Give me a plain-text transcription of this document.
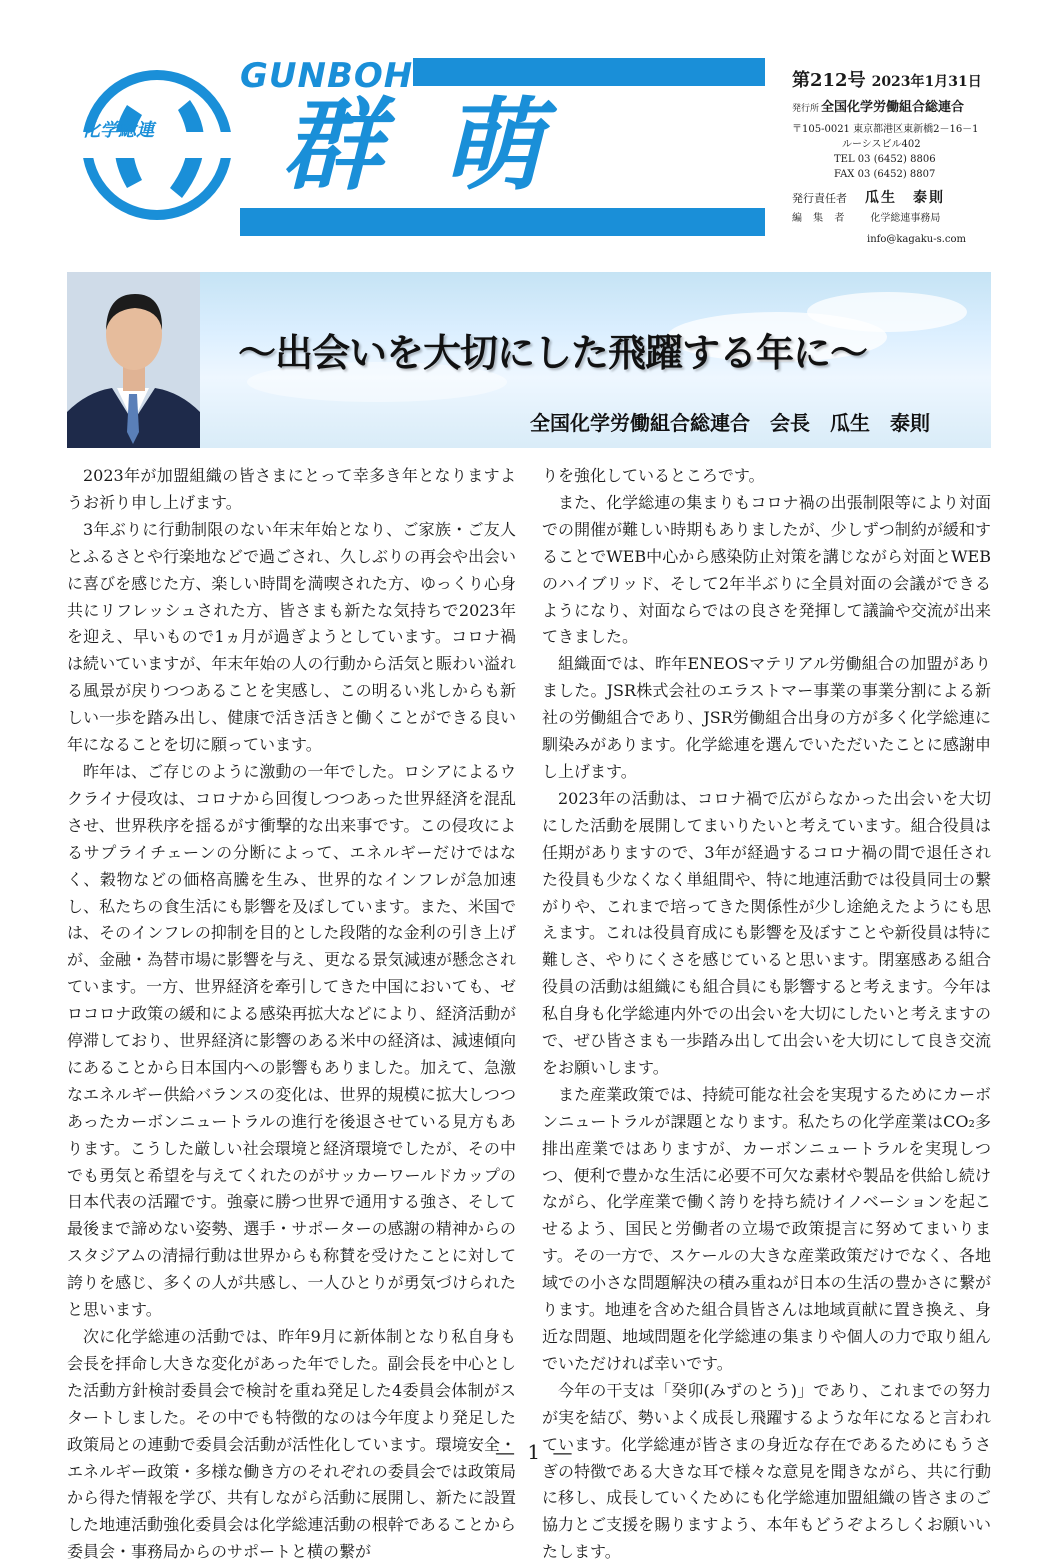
化学総連
GUNBOH
群萌
第212号 2023年1月31日
発行所 全国化学労働組合総連合
〒105-0021 東京都港区東新橋2－16－1
ルーシスビル402
TEL 03 (6452) 8806
FAX 03 (6452) 8807
発行責任者 瓜生　泰則
編 集 者 化学総連事務局
info@kagaku-s.com
～出会いを大切にした飛躍する年に～
全国化学労働組合総連合　会長　瓜生　泰則

2023年が加盟組織の皆さまにとって幸多き年となりますようお祈り申し上げます。

3年ぶりに行動制限のない年末年始となり、ご家族・ご友人とふるさとや行楽地などで過ごされ、久しぶりの再会や出会いに喜びを感じた方、楽しい時間を満喫された方、ゆっくり心身共にリフレッシュされた方、皆さまも新たな気持ちで2023年を迎え、早いもので1ヵ月が過ぎようとしています。コロナ禍は続いていますが、年末年始の人の行動から活気と賑わい溢れる風景が戻りつつあることを実感し、この明るい兆しからも新しい一歩を踏み出し、健康で活き活きと働くことができる良い年になることを切に願っています。

昨年は、ご存じのように激動の一年でした。ロシアによるウクライナ侵攻は、コロナから回復しつつあった世界経済を混乱させ、世界秩序を揺るがす衝撃的な出来事です。この侵攻によるサプライチェーンの分断によって、エネルギーだけではなく、穀物などの価格高騰を生み、世界的なインフレが急加速し、私たちの食生活にも影響を及ぼしています。また、米国では、そのインフレの抑制を目的とした段階的な金利の引き上げが、金融・為替市場に影響を与え、更なる景気減速が懸念されています。一方、世界経済を牽引してきた中国においても、ゼロコロナ政策の緩和による感染再拡大などにより、経済活動が停滞しており、世界経済に影響のある米中の経済は、減速傾向にあることから日本国内への影響もありました。加えて、急激なエネルギー供給バランスの変化は、世界的規模に拡大しつつあったカーボンニュートラルの進行を後退させている見方もあります。こうした厳しい社会環境と経済環境でしたが、その中でも勇気と希望を与えてくれたのがサッカーワールドカップの日本代表の活躍です。強豪に勝つ世界で通用する強さ、そして最後まで諦めない姿勢、選手・サポーターの感謝の精神からのスタジアムの清掃行動は世界からも称賛を受けたことに対して誇りを感じ、多くの人が共感し、一人ひとりが勇気づけられたと思います。

次に化学総連の活動では、昨年9月に新体制となり私自身も会長を拝命し大きな変化があった年でした。副会長を中心とした活動方針検討委員会で検討を重ね発足した4委員会体制がスタートしました。その中でも特徴的なのは今年度より発足した政策局との連動で委員会活動が活性化しています。環境安全・エネルギー政策・多様な働き方のそれぞれの委員会では政策局から得た情報を学び、共有しながら活動に展開し、新たに設置した地連活動強化委員会は化学総連活動の根幹であることから委員会・事務局からのサポートと横の繋が

りを強化しているところです。

また、化学総連の集まりもコロナ禍の出張制限等により対面での開催が難しい時期もありましたが、少しずつ制約が緩和することでWEB中心から感染防止対策を講じながら対面とWEBのハイブリッド、そして2年半ぶりに全員対面の会議ができるようになり、対面ならではの良さを発揮して議論や交流が出来てきました。

組織面では、昨年ENEOSマテリアル労働組合の加盟がありました。JSR株式会社のエラストマー事業の事業分割による新社の労働組合であり、JSR労働組合出身の方が多く化学総連に馴染みがあります。化学総連を選んでいただいたことに感謝申し上げます。

2023年の活動は、コロナ禍で広がらなかった出会いを大切にした活動を展開してまいりたいと考えています。組合役員は任期がありますので、3年が経過するコロナ禍の間で退任された役員も少なくなく単組間や、特に地連活動では役員同士の繋がりや、これまで培ってきた関係性が少し途絶えたようにも思えます。これは役員育成にも影響を及ぼすことや新役員は特に難しさ、やりにくさを感じていると思います。閉塞感ある組合役員の活動は組織にも組合員にも影響すると考えます。今年は私自身も化学総連内外での出会いを大切にしたいと考えますので、ぜひ皆さまも一歩踏み出して出会いを大切にして良き交流をお願いします。

また産業政策では、持続可能な社会を実現するためにカーボンニュートラルが課題となります。私たちの化学産業はCO₂多排出産業ではありますが、カーボンニュートラルを実現しつつ、便利で豊かな生活に必要不可欠な素材や製品を供給し続けながら、化学産業で働く誇りを持ち続けイノベーションを起こせるよう、国民と労働者の立場で政策提言に努めてまいります。その一方で、スケールの大きな産業政策だけでなく、各地域での小さな問題解決の積み重ねが日本の生活の豊かさに繋がります。地連を含めた組合員皆さんは地域貢献に置き換え、身近な問題、地域問題を化学総連の集まりや個人の力で取り組んでいただければ幸いです。

今年の干支は「癸卯(みずのとう)」であり、これまでの努力が実を結び、勢いよく成長し飛躍するような年になると言われています。化学総連が皆さまの身近な存在であるためにもうさぎの特徴である大きな耳で様々な意見を聞きながら、共に行動に移し、成長していくためにも化学総連加盟組織の皆さまのご協力とご支援を賜りますよう、本年もどうぞよろしくお願いいたします。

— 1 —
